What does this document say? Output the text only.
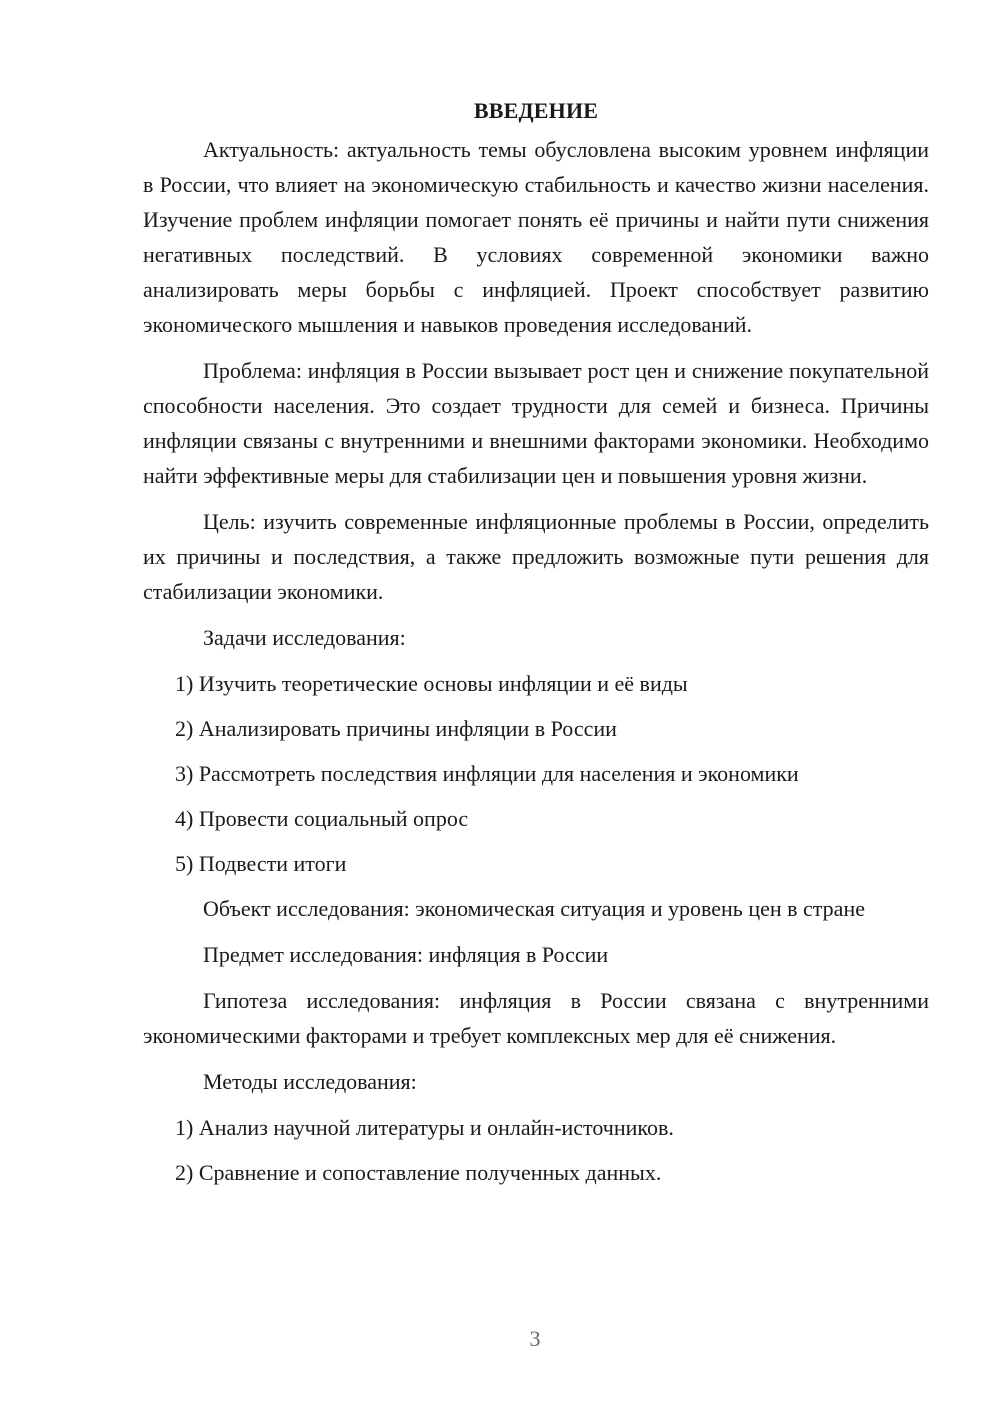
ВВЕДЕНИЕ

Актуальность: актуальность темы обусловлена высоким уровнем инфляции в России, что влияет на экономическую стабильность и качество жизни населения. Изучение проблем инфляции помогает понять её причины и найти пути снижения негативных последствий. В условиях современной экономики важно анализировать меры борьбы с инфляцией. Проект способствует развитию экономического мышления и навыков проведения исследований.

Проблема: инфляция в России вызывает рост цен и снижение покупательной способности населения. Это создает трудности для семей и бизнеса. Причины инфляции связаны с внутренними и внешними факторами экономики. Необходимо найти эффективные меры для стабилизации цен и повышения уровня жизни.

Цель: изучить современные инфляционные проблемы в России, определить их причины и последствия, а также предложить возможные пути решения для стабилизации экономики.

Задачи исследования:

1) Изучить теоретические основы инфляции и её виды
2) Анализировать причины инфляции в России
3) Рассмотреть последствия инфляции для населения и экономики
4) Провести социальный опрос
5) Подвести итоги

Объект исследования: экономическая ситуация и уровень цен в стране

Предмет исследования: инфляция в России

Гипотеза исследования: инфляция в России связана с внутренними экономическими факторами и требует комплексных мер для её снижения.

Методы исследования:

1) Анализ научной литературы и онлайн-источников.
2) Сравнение и сопоставление полученных данных.
3
